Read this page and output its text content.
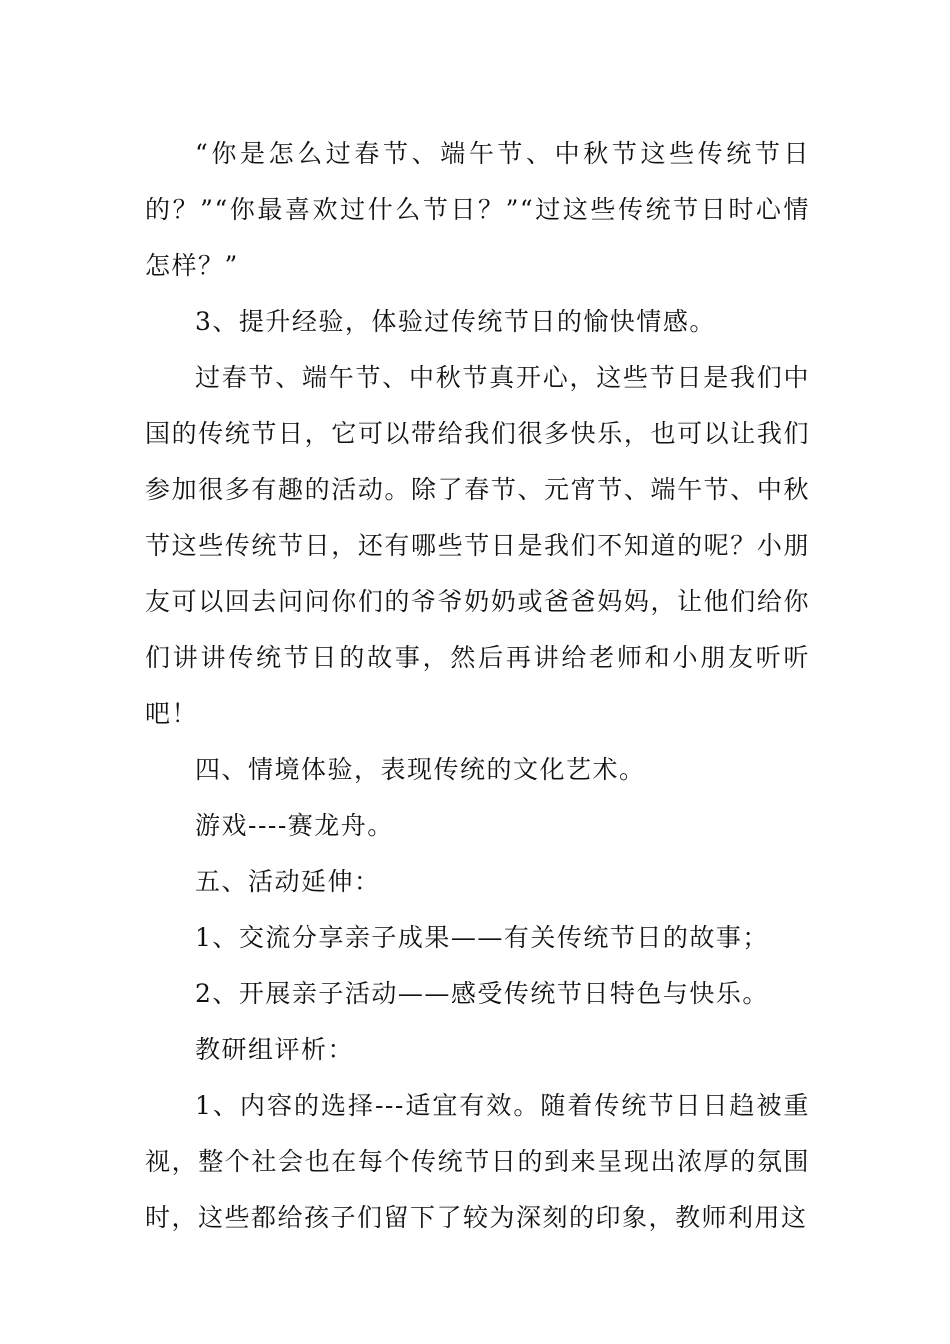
“你是怎么过春节、端午节、中秋节这些传统节日的？”“你最喜欢过什么节日？”“过这些传统节日时心情怎样？”

3、提升经验，体验过传统节日的愉快情感。

过春节、端午节、中秋节真开心，这些节日是我们中国的传统节日，它可以带给我们很多快乐，也可以让我们参加很多有趣的活动。除了春节、元宵节、端午节、中秋节这些传统节日，还有哪些节日是我们不知道的呢？小朋友可以回去问问你们的爷爷奶奶或爸爸妈妈，让他们给你们讲讲传统节日的故事，然后再讲给老师和小朋友听听吧！

四、情境体验，表现传统的文化艺术。

游戏----赛龙舟。

五、活动延伸：

1、交流分享亲子成果——有关传统节日的故事；

2、开展亲子活动——感受传统节日特色与快乐。

教研组评析：

1、内容的选择---适宜有效。随着传统节日日趋被重视，整个社会也在每个传统节日的到来呈现出浓厚的氛围时，这些都给孩子们留下了较为深刻的印象，教师利用这
